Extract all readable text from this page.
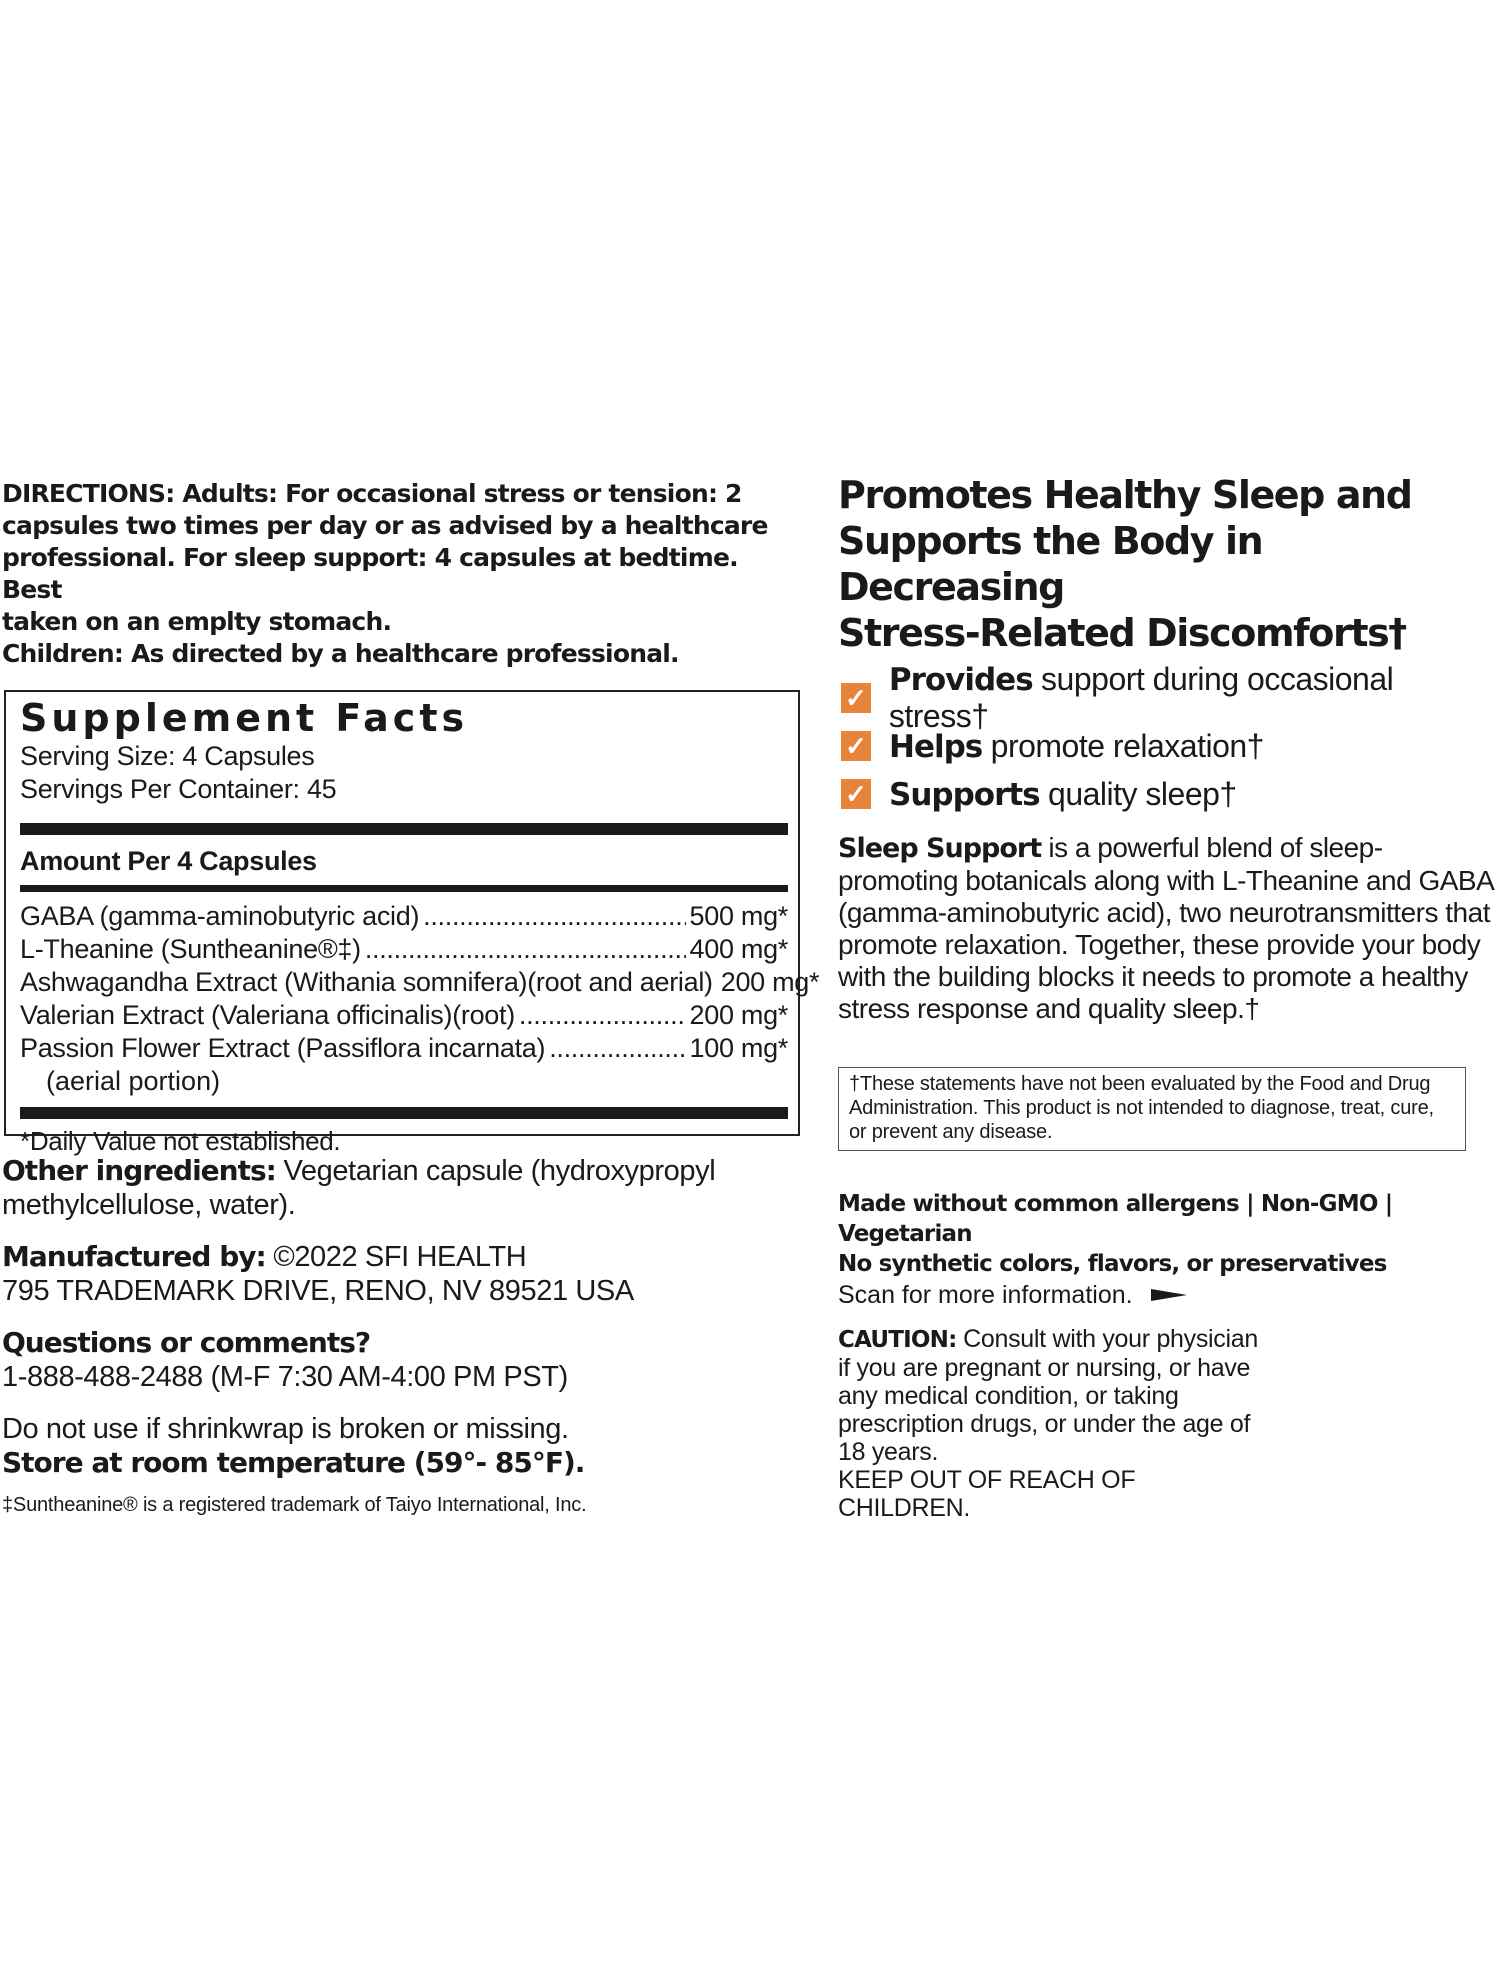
DIRECTIONS: Adults: For occasional stress or tension: 2
capsules two times per day or as advised by a healthcare
professional. For sleep support: 4 capsules at bedtime. Best
taken on an emplty stomach.
Children: As directed by a healthcare professional.

Supplement Facts
Serving Size: 4 Capsules
Servings Per Container: 45
Amount Per 4 Capsules
GABA (gamma-aminobutyric acid) .....	500 mg*
L-Theanine (Suntheanine®‡) .....	400 mg*
Ashwagandha Extract (Withania somnifera)(root and aerial) 200 mg*
Valerian Extract (Valeriana officinalis)(root) .....	200 mg*
Passion Flower Extract (Passiflora incarnata) .....	100 mg*
(aerial portion)
*Daily Value not established.
Other ingredients: Vegetarian capsule (hydroxypropyl
methylcellulose, water).
Manufactured by: ©2022 SFI HEALTH
795 TRADEMARK DRIVE, RENO, NV 89521 USA
Questions or comments?
1-888-488-2488 (M-F 7:30 AM-4:00 PM PST)
Do not use if shrinkwrap is broken or missing.
Store at room temperature (59°- 85°F).
‡Suntheanine® is a registered trademark of Taiyo International, Inc.
Promotes Healthy Sleep and
Supports the Body in Decreasing
Stress-Related Discomforts†
✓ Provides support during occasional stress†
✓ Helps promote relaxation†
✓ Supports quality sleep†
Sleep Support is a powerful blend of sleep-promoting botanicals along with L-Theanine and GABA (gamma-aminobutyric acid), two neurotransmitters that promote relaxation. Together, these provide your body with the building blocks it needs to promote a healthy stress response and quality sleep.†
†These statements have not been evaluated by the Food and Drug Administration. This product is not intended to diagnose, treat, cure, or prevent any disease.
Made without common allergens | Non-GMO | Vegetarian
No synthetic colors, flavors, or preservatives
Scan for more information.
CAUTION: Consult with your physician if you are pregnant or nursing, or have any medical condition, or taking prescription drugs, or under the age of 18 years.
KEEP OUT OF REACH OF CHILDREN.
